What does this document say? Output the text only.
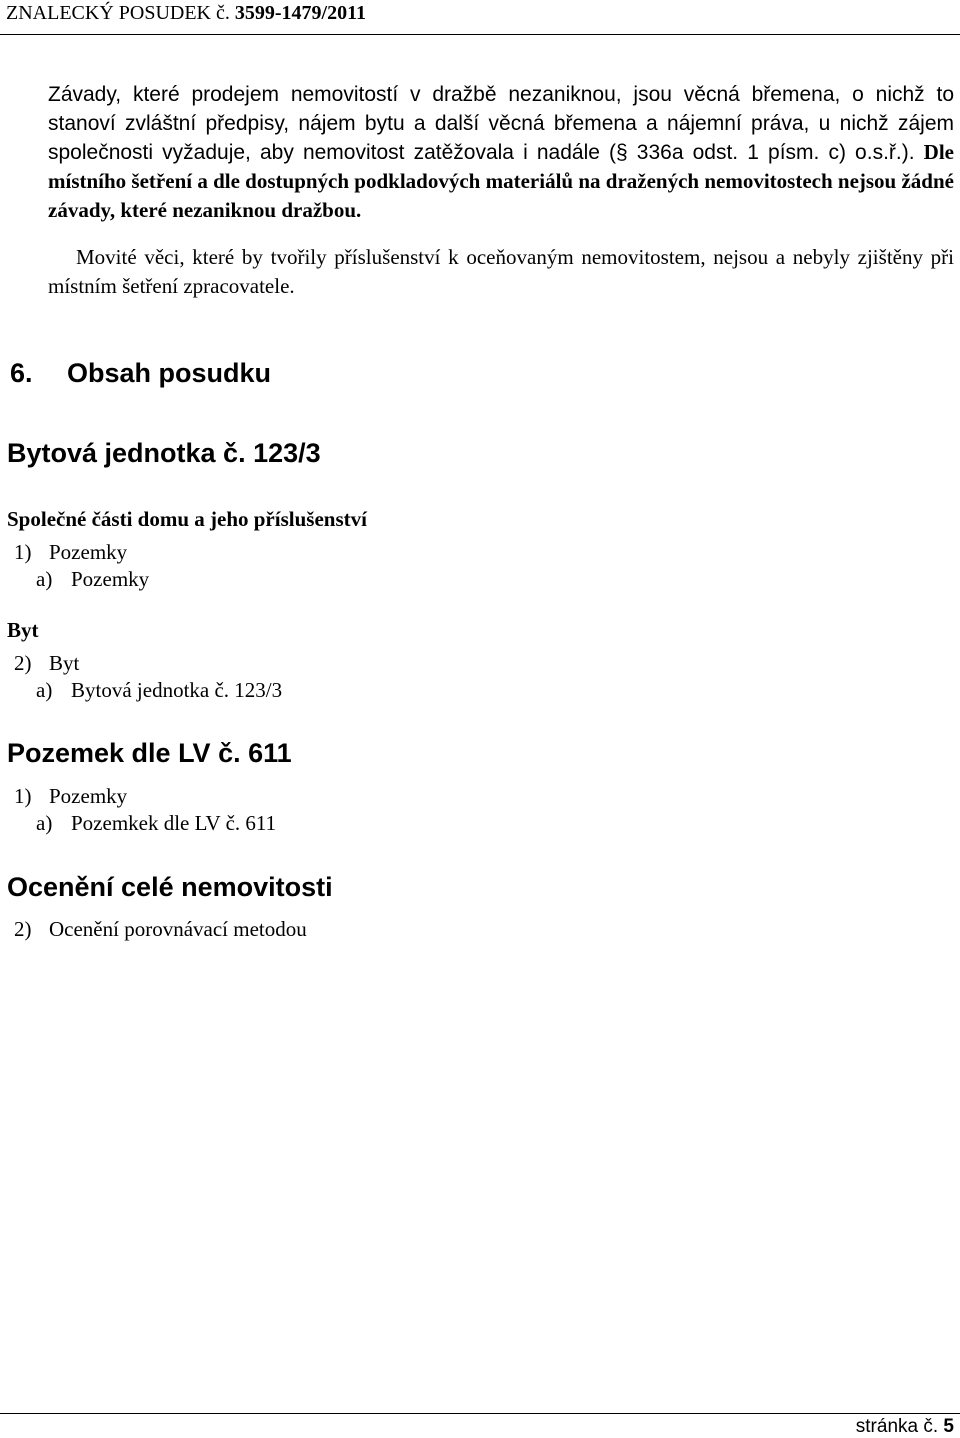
ZNALECKÝ POSUDEK č. 3599-1479/2011
Závady, které prodejem nemovitostí v dražbě nezaniknou, jsou věcná břemena, o nichž to stanoví zvláštní předpisy, nájem bytu a další věcná břemena a nájemní práva, u nichž zájem společnosti vyžaduje, aby nemovitost zatěžovala i nadále (§ 336a odst. 1 písm. c) o.s.ř.). Dle místního šetření a dle dostupných podkladových materiálů na dražených nemovitostech nejsou žádné závady, které nezaniknou dražbou.
Movité věci, které by tvořily příslušenství k oceňovaným nemovitostem, nejsou a nebyly zjištěny při místním šetření zpracovatele.
6. Obsah posudku
Bytová jednotka č. 123/3
Společné části domu a jeho příslušenství
1) Pozemky
a) Pozemky
Byt
2) Byt
a) Bytová jednotka č. 123/3
Pozemek dle LV č. 611
1) Pozemky
a) Pozemkek dle LV č. 611
Ocenění celé nemovitosti
2) Ocenění porovnávací metodou
stránka č. 5
